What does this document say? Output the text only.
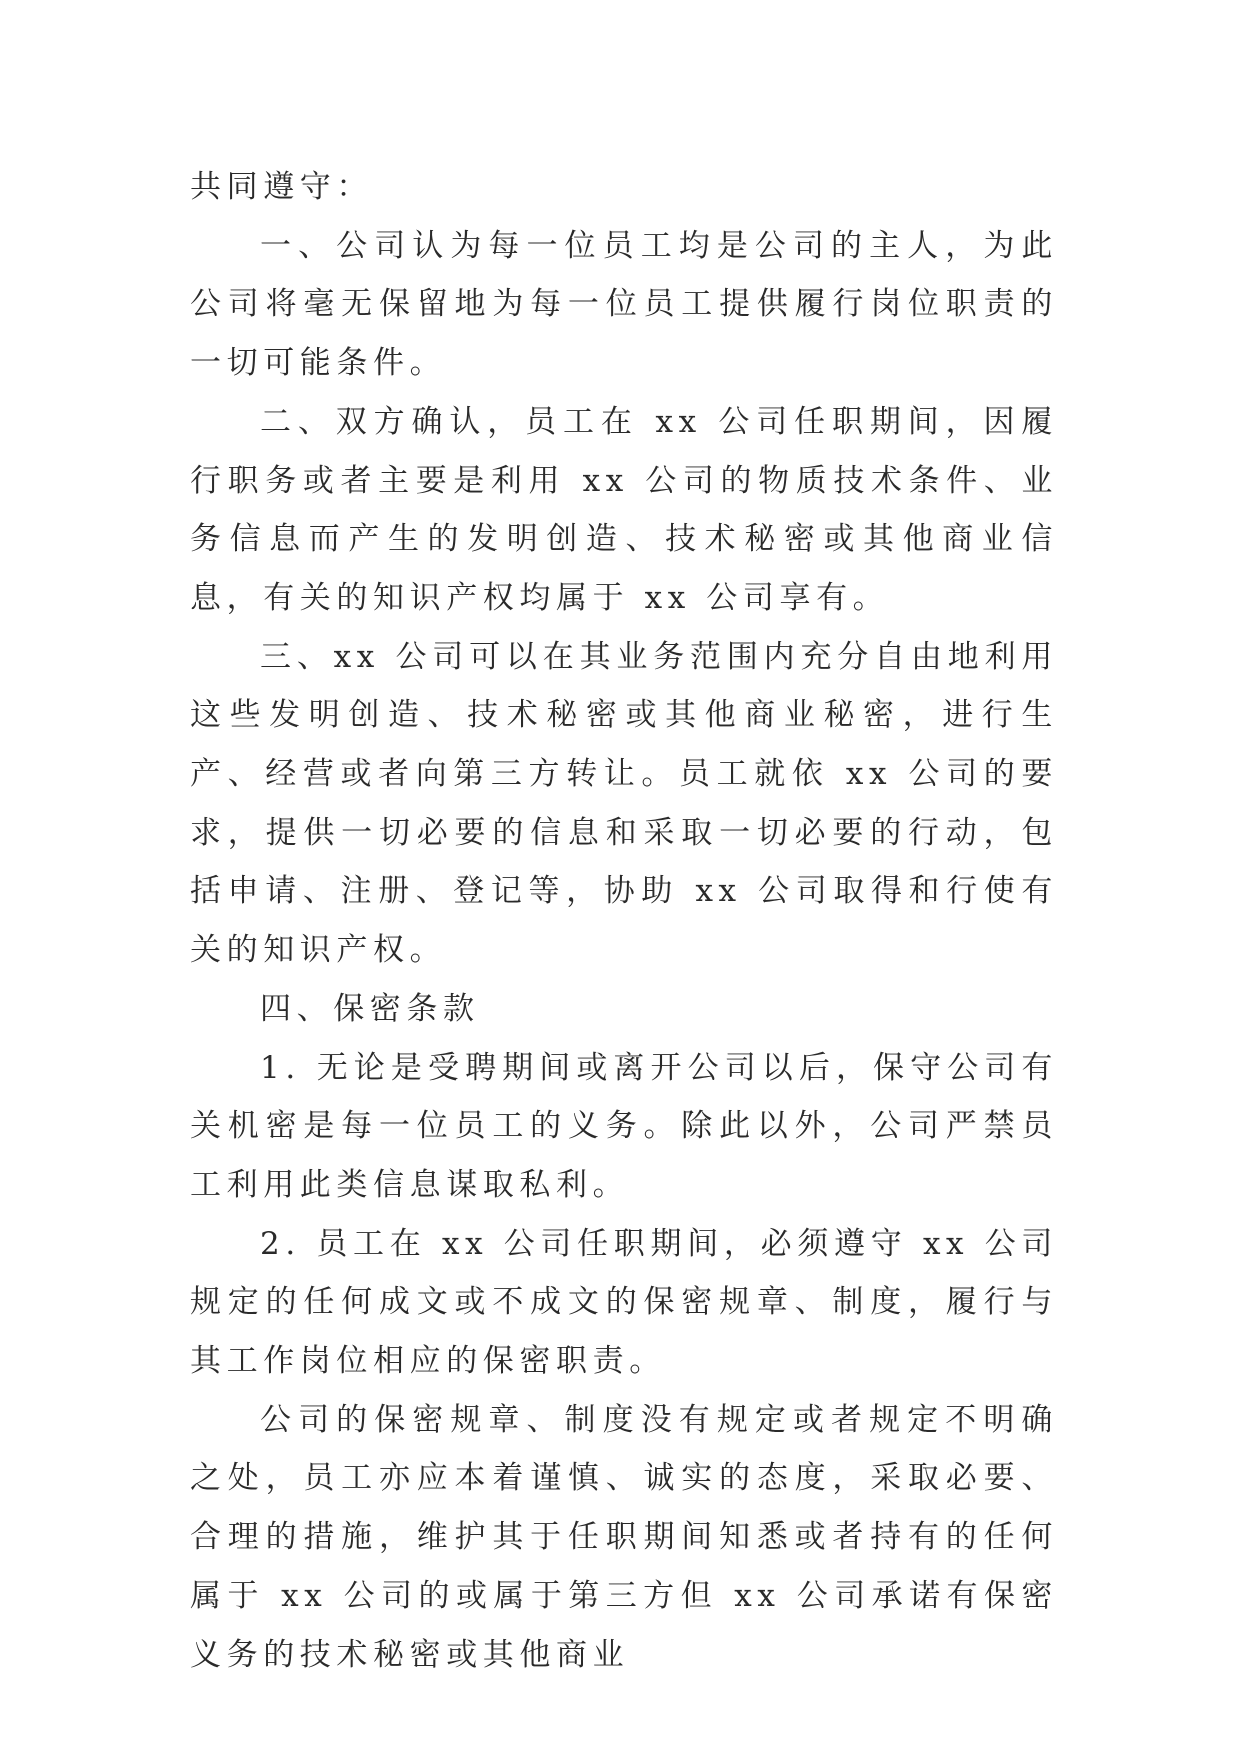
共同遵守：

一、公司认为每一位员工均是公司的主人，为此公司将毫无保留地为每一位员工提供履行岗位职责的一切可能条件。

二、双方确认，员工在 xx 公司任职期间，因履行职务或者主要是利用 xx 公司的物质技术条件、业务信息而产生的发明创造、技术秘密或其他商业信息，有关的知识产权均属于 xx 公司享有。

三、xx 公司可以在其业务范围内充分自由地利用这些发明创造、技术秘密或其他商业秘密，进行生产、经营或者向第三方转让。员工就依 xx 公司的要求，提供一切必要的信息和采取一切必要的行动，包括申请、注册、登记等，协助 xx 公司取得和行使有关的知识产权。

四、保密条款

1. 无论是受聘期间或离开公司以后，保守公司有关机密是每一位员工的义务。除此以外，公司严禁员工利用此类信息谋取私利。

2. 员工在 xx 公司任职期间，必须遵守 xx 公司规定的任何成文或不成文的保密规章、制度，履行与其工作岗位相应的保密职责。

公司的保密规章、制度没有规定或者规定不明确之处，员工亦应本着谨慎、诚实的态度，采取必要、合理的措施，维护其于任职期间知悉或者持有的任何属于 xx 公司的或属于第三方但 xx 公司承诺有保密义务的技术秘密或其他商业
